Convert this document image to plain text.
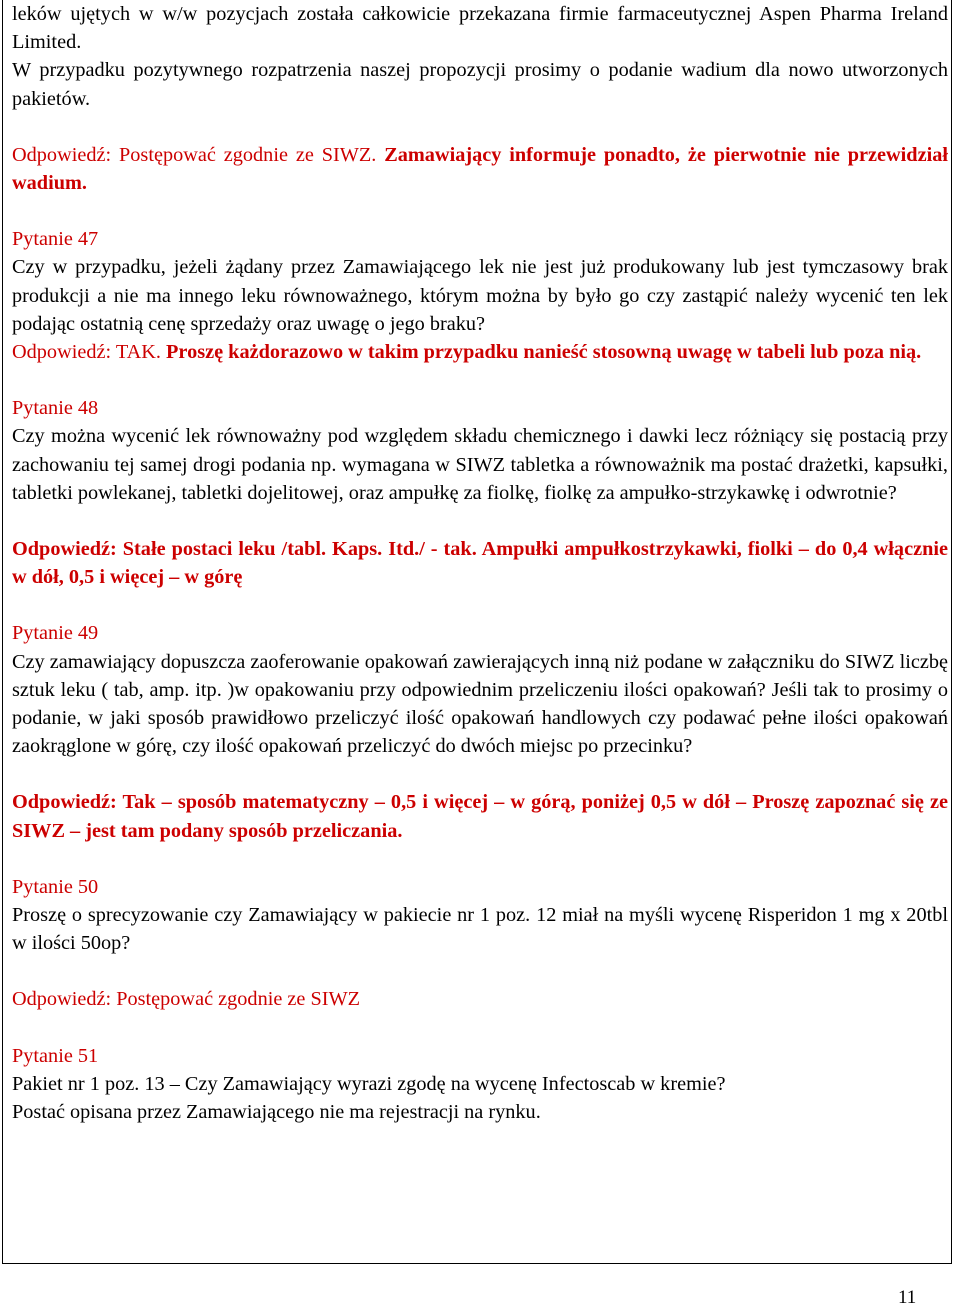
leków ujętych w w/w pozycjach została całkowicie przekazana firmie farmaceutycznej Aspen Pharma Ireland Limited.

W przypadku pozytywnego rozpatrzenia naszej propozycji prosimy o podanie wadium dla nowo utworzonych pakietów.

Odpowiedź: Postępować zgodnie ze SIWZ. Zamawiający informuje ponadto, że pierwotnie nie przewidział wadium.

Pytanie 47

Czy w przypadku, jeżeli żądany przez Zamawiającego lek nie jest już produkowany lub jest tymczasowy brak produkcji a nie ma innego leku równoważnego, którym można by było go czy zastąpić należy wycenić ten lek podając ostatnią cenę sprzedaży oraz uwagę o jego braku?

Odpowiedź: TAK. Proszę każdorazowo w takim przypadku nanieść stosowną uwagę w tabeli lub poza nią.

Pytanie 48

Czy można wycenić lek równoważny pod względem składu chemicznego i dawki lecz różniący się postacią przy zachowaniu tej samej drogi podania np. wymagana w SIWZ tabletka a równoważnik ma postać drażetki, kapsułki, tabletki powlekanej, tabletki dojelitowej, oraz ampułkę za fiolkę, fiolkę za ampułko-strzykawkę i odwrotnie?

Odpowiedź: Stałe postaci leku /tabl. Kaps. Itd./ - tak. Ampułki ampułkostrzykawki, fiolki – do 0,4 włącznie w dół, 0,5 i więcej – w górę

Pytanie 49

Czy zamawiający dopuszcza zaoferowanie opakowań zawierających inną niż podane w załączniku do SIWZ liczbę sztuk leku ( tab, amp. itp. )w opakowaniu przy odpowiednim przeliczeniu ilości opakowań? Jeśli tak to prosimy o podanie, w jaki sposób prawidłowo przeliczyć ilość opakowań handlowych czy podawać pełne ilości opakowań zaokrąglone w górę, czy ilość opakowań przeliczyć do dwóch miejsc po przecinku?

Odpowiedź: Tak – sposób matematyczny – 0,5 i więcej – w górą, poniżej 0,5 w dół – Proszę zapoznać się ze SIWZ – jest tam podany sposób przeliczania.

Pytanie 50

Proszę o sprecyzowanie czy Zamawiający w pakiecie nr 1 poz. 12 miał na myśli wycenę Risperidon 1 mg x 20tbl w ilości 50op?

Odpowiedź: Postępować zgodnie ze SIWZ

Pytanie 51

Pakiet nr 1 poz. 13 – Czy Zamawiający wyrazi zgodę na wycenę Infectoscab w kremie?

Postać opisana przez Zamawiającego nie ma rejestracji na rynku.

11
